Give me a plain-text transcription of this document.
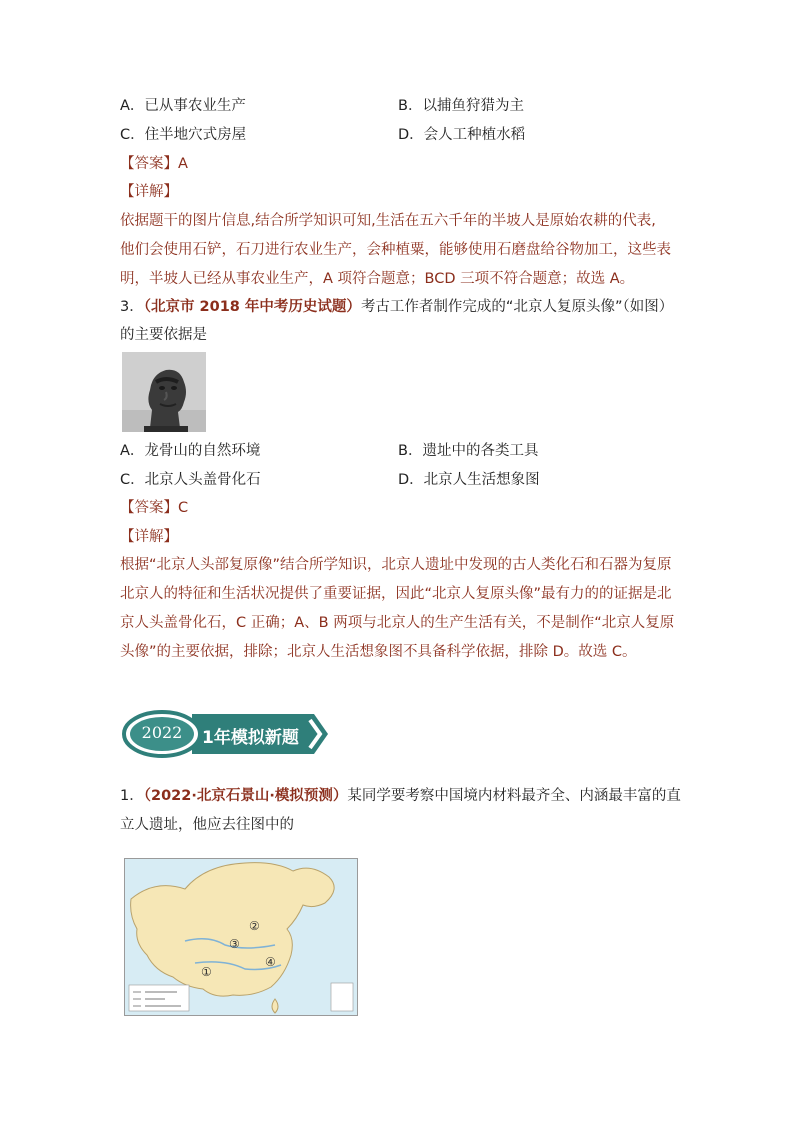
A．已从事农业生产	B．以捕鱼狩猎为主
C．住半地穴式房屋	D．会人工种植水稻
【答案】A
【详解】
依据题干的图片信息,结合所学知识可知,生活在五六千年的半坡人是原始农耕的代表,
他们会使用石铲，石刀进行农业生产，会种植粟，能够使用石磨盘给谷物加工，这些表
明，半坡人已经从事农业生产，A 项符合题意；BCD 三项不符合题意；故选 A。
3．（北京市 2018 年中考历史试题）考古工作者制作完成的“北京人复原头像”（如图）
的主要依据是
A．龙骨山的自然环境	B．遗址中的各类工具
C．北京人头盖骨化石	D．北京人生活想象图
【答案】C
【详解】
根据“北京人头部复原像”结合所学知识，北京人遗址中发现的古人类化石和石器为复原
北京人的特征和生活状况提供了重要证据，因此“北京人复原头像”最有力的的证据是北
京人头盖骨化石，C 正确；A、B 两项与北京人的生产生活有关，不是制作“北京人复原
头像”的主要依据，排除；北京人生活想象图不具备科学依据，排除 D。故选 C。
2022	1年模拟新题
1．（2022·北京石景山·模拟预测）某同学要考察中国境内材料最齐全、内涵最丰富的直
立人遗址，他应去往图中的
①
②
③
④
